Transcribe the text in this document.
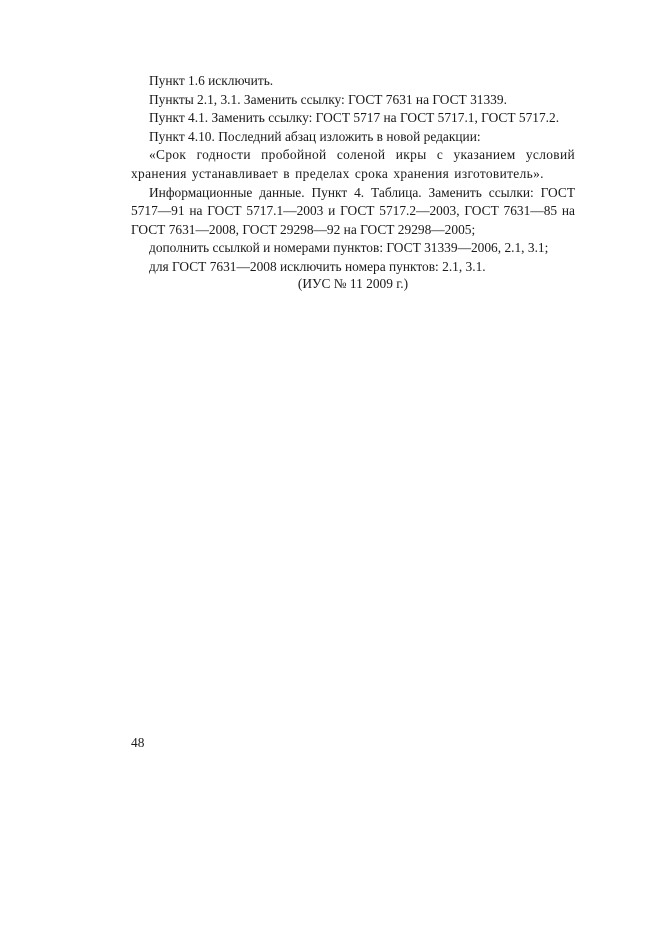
Пункт 1.6 исключить.

Пункты 2.1, 3.1. Заменить ссылку: ГОСТ 7631 на ГОСТ 31339.

Пункт 4.1. Заменить ссылку: ГОСТ 5717 на ГОСТ 5717.1, ГОСТ 5717.2.

Пункт 4.10. Последний абзац изложить в новой редакции:

«Срок годности пробойной соленой икры с указанием условий хранения устанавливает в пределах срока хранения изготовитель».

Информационные данные. Пункт 4. Таблица. Заменить ссылки: ГОСТ 5717—91 на ГОСТ 5717.1—2003 и ГОСТ 5717.2—2003, ГОСТ 7631—85 на ГОСТ 7631—2008, ГОСТ 29298—92 на ГОСТ 29298—2005;

дополнить ссылкой и номерами пунктов: ГОСТ 31339—2006, 2.1, 3.1;

для ГОСТ 7631—2008 исключить номера пунктов: 2.1, 3.1.

(ИУС № 11 2009 г.)
48
